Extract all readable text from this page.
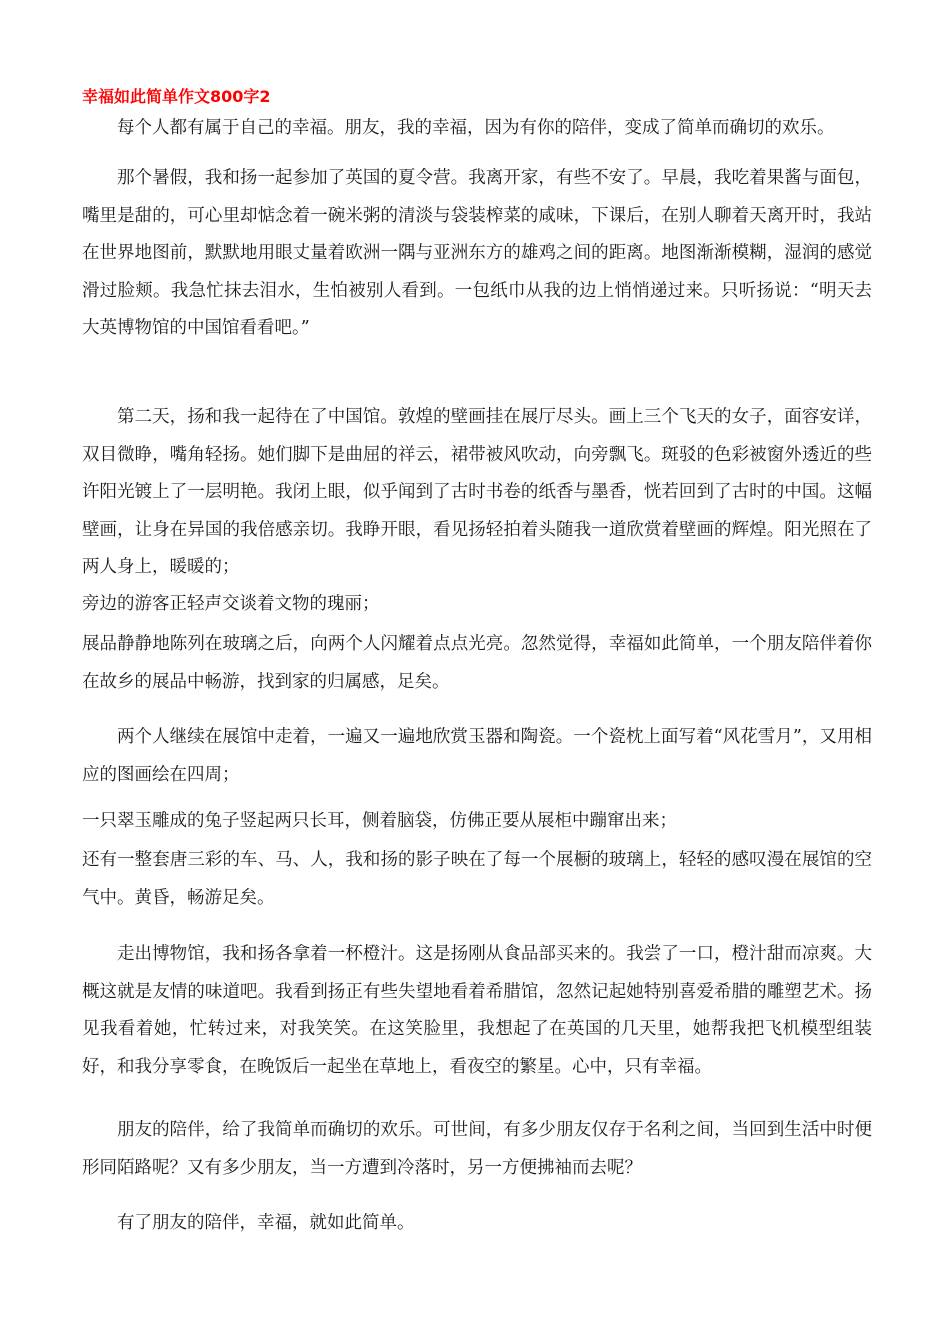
幸福如此简单作文800字2

每个人都有属于自己的幸福。朋友，我的幸福，因为有你的陪伴，变成了简单而确切的欢乐。

那个暑假，我和扬一起参加了英国的夏令营。我离开家，有些不安了。早晨，我吃着果酱与面包，嘴里是甜的，可心里却惦念着一碗米粥的清淡与袋装榨菜的咸味，下课后，在别人聊着天离开时，我站在世界地图前，默默地用眼丈量着欧洲一隅与亚洲东方的雄鸡之间的距离。地图渐渐模糊，湿润的感觉滑过脸颊。我急忙抹去泪水，生怕被别人看到。一包纸巾从我的边上悄悄递过来。只听扬说：“明天去大英博物馆的中国馆看看吧。”

第二天，扬和我一起待在了中国馆。敦煌的壁画挂在展厅尽头。画上三个飞天的女子，面容安详，双目微睁，嘴角轻扬。她们脚下是曲屈的祥云，裙带被风吹动，向旁飘飞。斑驳的色彩被窗外透近的些许阳光镀上了一层明艳。我闭上眼，似乎闻到了古时书卷的纸香与墨香，恍若回到了古时的中国。这幅壁画，让身在异国的我倍感亲切。我睁开眼，看见扬轻拍着头随我一道欣赏着壁画的辉煌。阳光照在了两人身上，暖暖的；

旁边的游客正轻声交谈着文物的瑰丽；

展品静静地陈列在玻璃之后，向两个人闪耀着点点光亮。忽然觉得，幸福如此简单，一个朋友陪伴着你在故乡的展品中畅游，找到家的归属感，足矣。

两个人继续在展馆中走着，一遍又一遍地欣赏玉器和陶瓷。一个瓷枕上面写着“风花雪月”，又用相应的图画绘在四周；

一只翠玉雕成的兔子竖起两只长耳，侧着脑袋，仿佛正要从展柜中蹦窜出来；

还有一整套唐三彩的车、马、人，我和扬的影子映在了每一个展橱的玻璃上，轻轻的感叹漫在展馆的空气中。黄昏，畅游足矣。

走出博物馆，我和扬各拿着一杯橙汁。这是扬刚从食品部买来的。我尝了一口，橙汁甜而凉爽。大概这就是友情的味道吧。我看到扬正有些失望地看着希腊馆，忽然记起她特别喜爱希腊的雕塑艺术。扬见我看着她，忙转过来，对我笑笑。在这笑脸里，我想起了在英国的几天里，她帮我把飞机模型组装好，和我分享零食，在晚饭后一起坐在草地上，看夜空的繁星。心中，只有幸福。

朋友的陪伴，给了我简单而确切的欢乐。可世间，有多少朋友仅存于名利之间，当回到生活中时便形同陌路呢？又有多少朋友，当一方遭到冷落时，另一方便拂袖而去呢？

有了朋友的陪伴，幸福，就如此简单。
